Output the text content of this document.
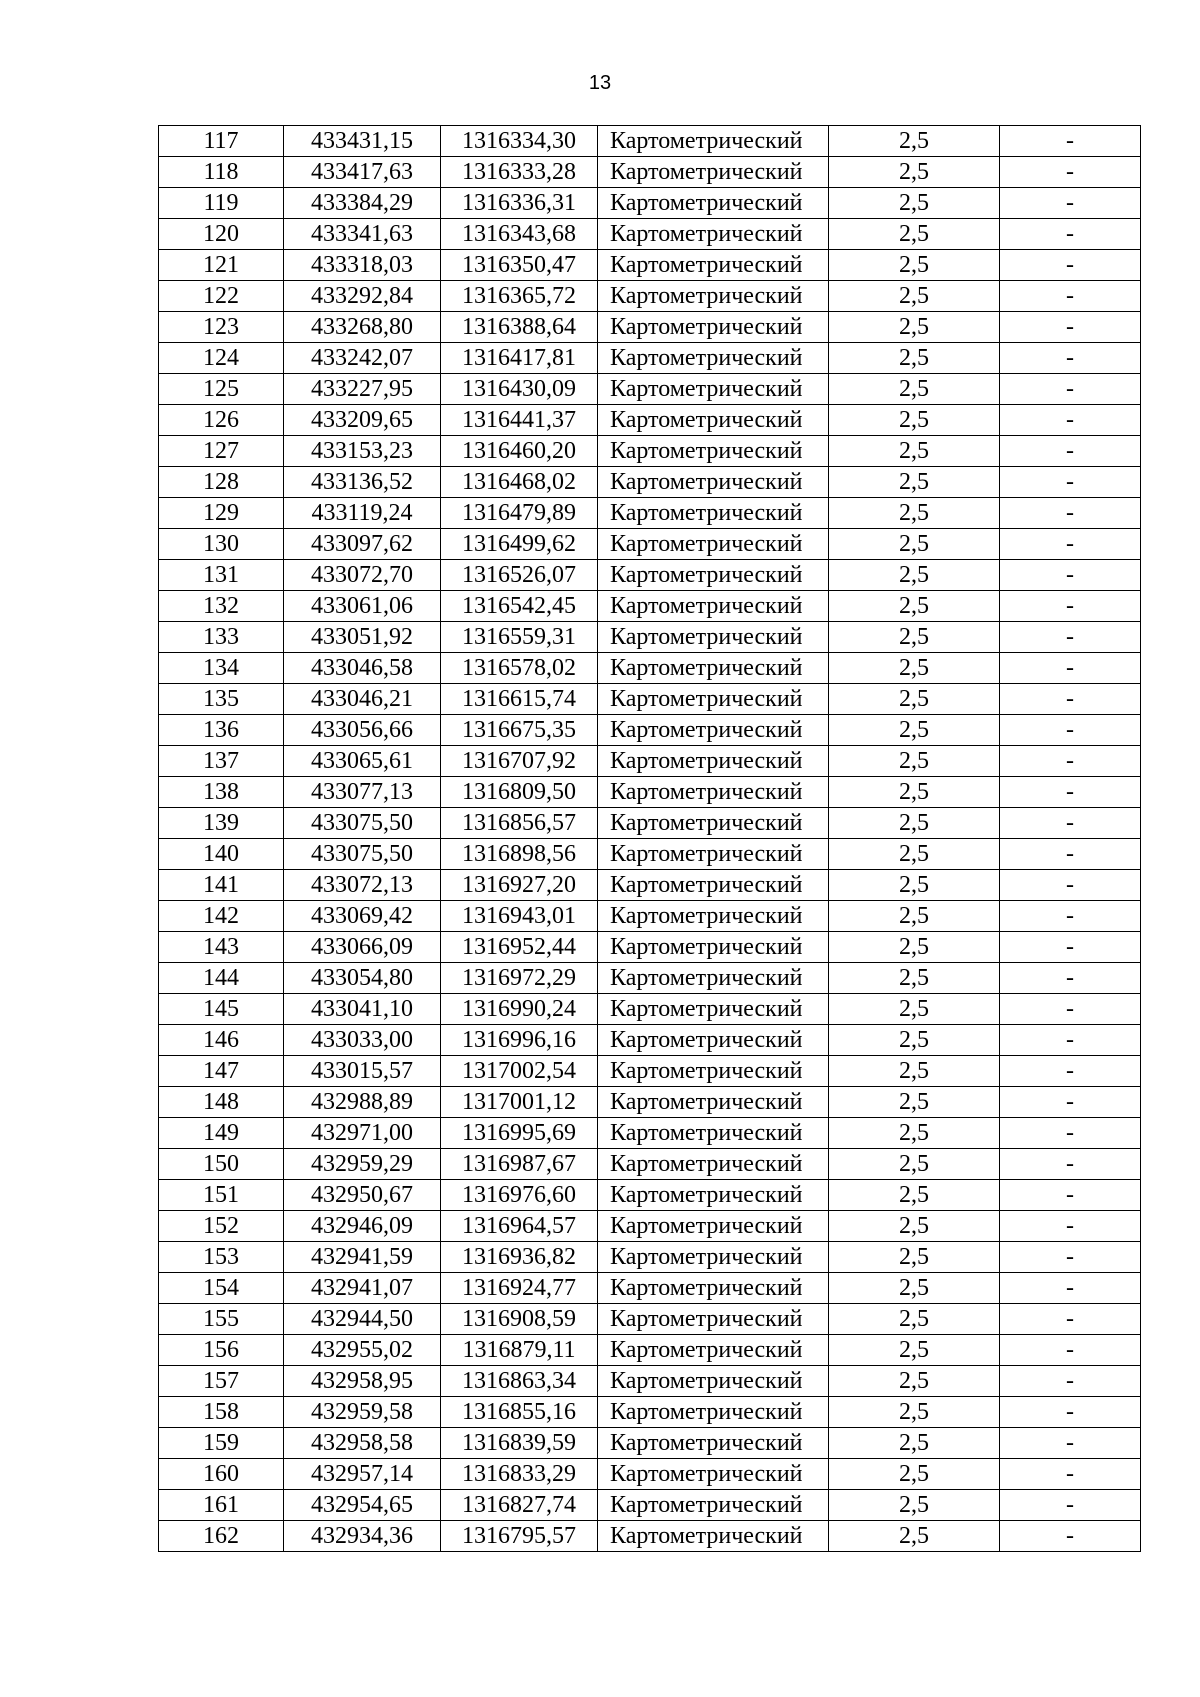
13
117	433431,15	1316334,30	Картометрический	2,5	-
118	433417,63	1316333,28	Картометрический	2,5	-
119	433384,29	1316336,31	Картометрический	2,5	-
120	433341,63	1316343,68	Картометрический	2,5	-
121	433318,03	1316350,47	Картометрический	2,5	-
122	433292,84	1316365,72	Картометрический	2,5	-
123	433268,80	1316388,64	Картометрический	2,5	-
124	433242,07	1316417,81	Картометрический	2,5	-
125	433227,95	1316430,09	Картометрический	2,5	-
126	433209,65	1316441,37	Картометрический	2,5	-
127	433153,23	1316460,20	Картометрический	2,5	-
128	433136,52	1316468,02	Картометрический	2,5	-
129	433119,24	1316479,89	Картометрический	2,5	-
130	433097,62	1316499,62	Картометрический	2,5	-
131	433072,70	1316526,07	Картометрический	2,5	-
132	433061,06	1316542,45	Картометрический	2,5	-
133	433051,92	1316559,31	Картометрический	2,5	-
134	433046,58	1316578,02	Картометрический	2,5	-
135	433046,21	1316615,74	Картометрический	2,5	-
136	433056,66	1316675,35	Картометрический	2,5	-
137	433065,61	1316707,92	Картометрический	2,5	-
138	433077,13	1316809,50	Картометрический	2,5	-
139	433075,50	1316856,57	Картометрический	2,5	-
140	433075,50	1316898,56	Картометрический	2,5	-
141	433072,13	1316927,20	Картометрический	2,5	-
142	433069,42	1316943,01	Картометрический	2,5	-
143	433066,09	1316952,44	Картометрический	2,5	-
144	433054,80	1316972,29	Картометрический	2,5	-
145	433041,10	1316990,24	Картометрический	2,5	-
146	433033,00	1316996,16	Картометрический	2,5	-
147	433015,57	1317002,54	Картометрический	2,5	-
148	432988,89	1317001,12	Картометрический	2,5	-
149	432971,00	1316995,69	Картометрический	2,5	-
150	432959,29	1316987,67	Картометрический	2,5	-
151	432950,67	1316976,60	Картометрический	2,5	-
152	432946,09	1316964,57	Картометрический	2,5	-
153	432941,59	1316936,82	Картометрический	2,5	-
154	432941,07	1316924,77	Картометрический	2,5	-
155	432944,50	1316908,59	Картометрический	2,5	-
156	432955,02	1316879,11	Картометрический	2,5	-
157	432958,95	1316863,34	Картометрический	2,5	-
158	432959,58	1316855,16	Картометрический	2,5	-
159	432958,58	1316839,59	Картометрический	2,5	-
160	432957,14	1316833,29	Картометрический	2,5	-
161	432954,65	1316827,74	Картометрический	2,5	-
162	432934,36	1316795,57	Картометрический	2,5	-
